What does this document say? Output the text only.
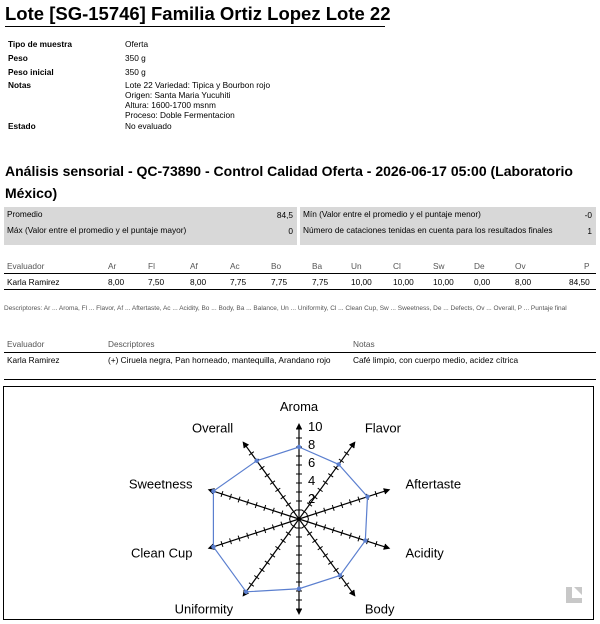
Lote [SG-15746] Familia Ortiz Lopez Lote 22
Tipo de muestra	Oferta
Peso	350 g
Peso inicial	350 g
Notas	Lote 22 Variedad: Tipica y Bourbon rojo
Origen: Santa Maria Yucuhiti
Altura: 1600-1700 msnm
Proceso: Doble Fermentacion
Estado	No evaluado
Análisis sensorial - QC-73890 - Control Calidad Oferta - 2026-06-17 05:00 (Laboratorio México)
Promedio	84,5 Mín (Valor entre el promedio y el puntaje menor)	-0
Máx (Valor entre el promedio y el puntaje mayor)	0 Número de cataciones tenidas en cuenta para los resultados finales	1
Evaluador	Ar	Fl	Af	Ac	Bo	Ba	Un	Cl	Sw	De	Ov	P
Karla Ramirez	8,00	7,50	8,00	7,75	7,75	7,75	10,00	10,00 10,00 0,00	8,00	84,50
Descriptores: Ar ... Aroma, Fl ... Flavor, Af ... Aftertaste, Ac ... Acidity, Bo ... Body, Ba ... Balance, Un ... Uniformity, Cl ... Clean Cup, Sw ... Sweetness, De ... Defects, Ov ... Overall, P ... Puntaje final
Evaluador	Descriptores	Notas
Karla Ramirez	(+) Ciruela negra, Pan horneado, mantequilla, Arandano rojo	Café limpio, con cuerpo medio, acidez cítrica
2
4
6
8
10
Aroma
Flavor
Aftertaste
Acidity
Body
Uniformity
Clean Cup
Sweetness
Overall
